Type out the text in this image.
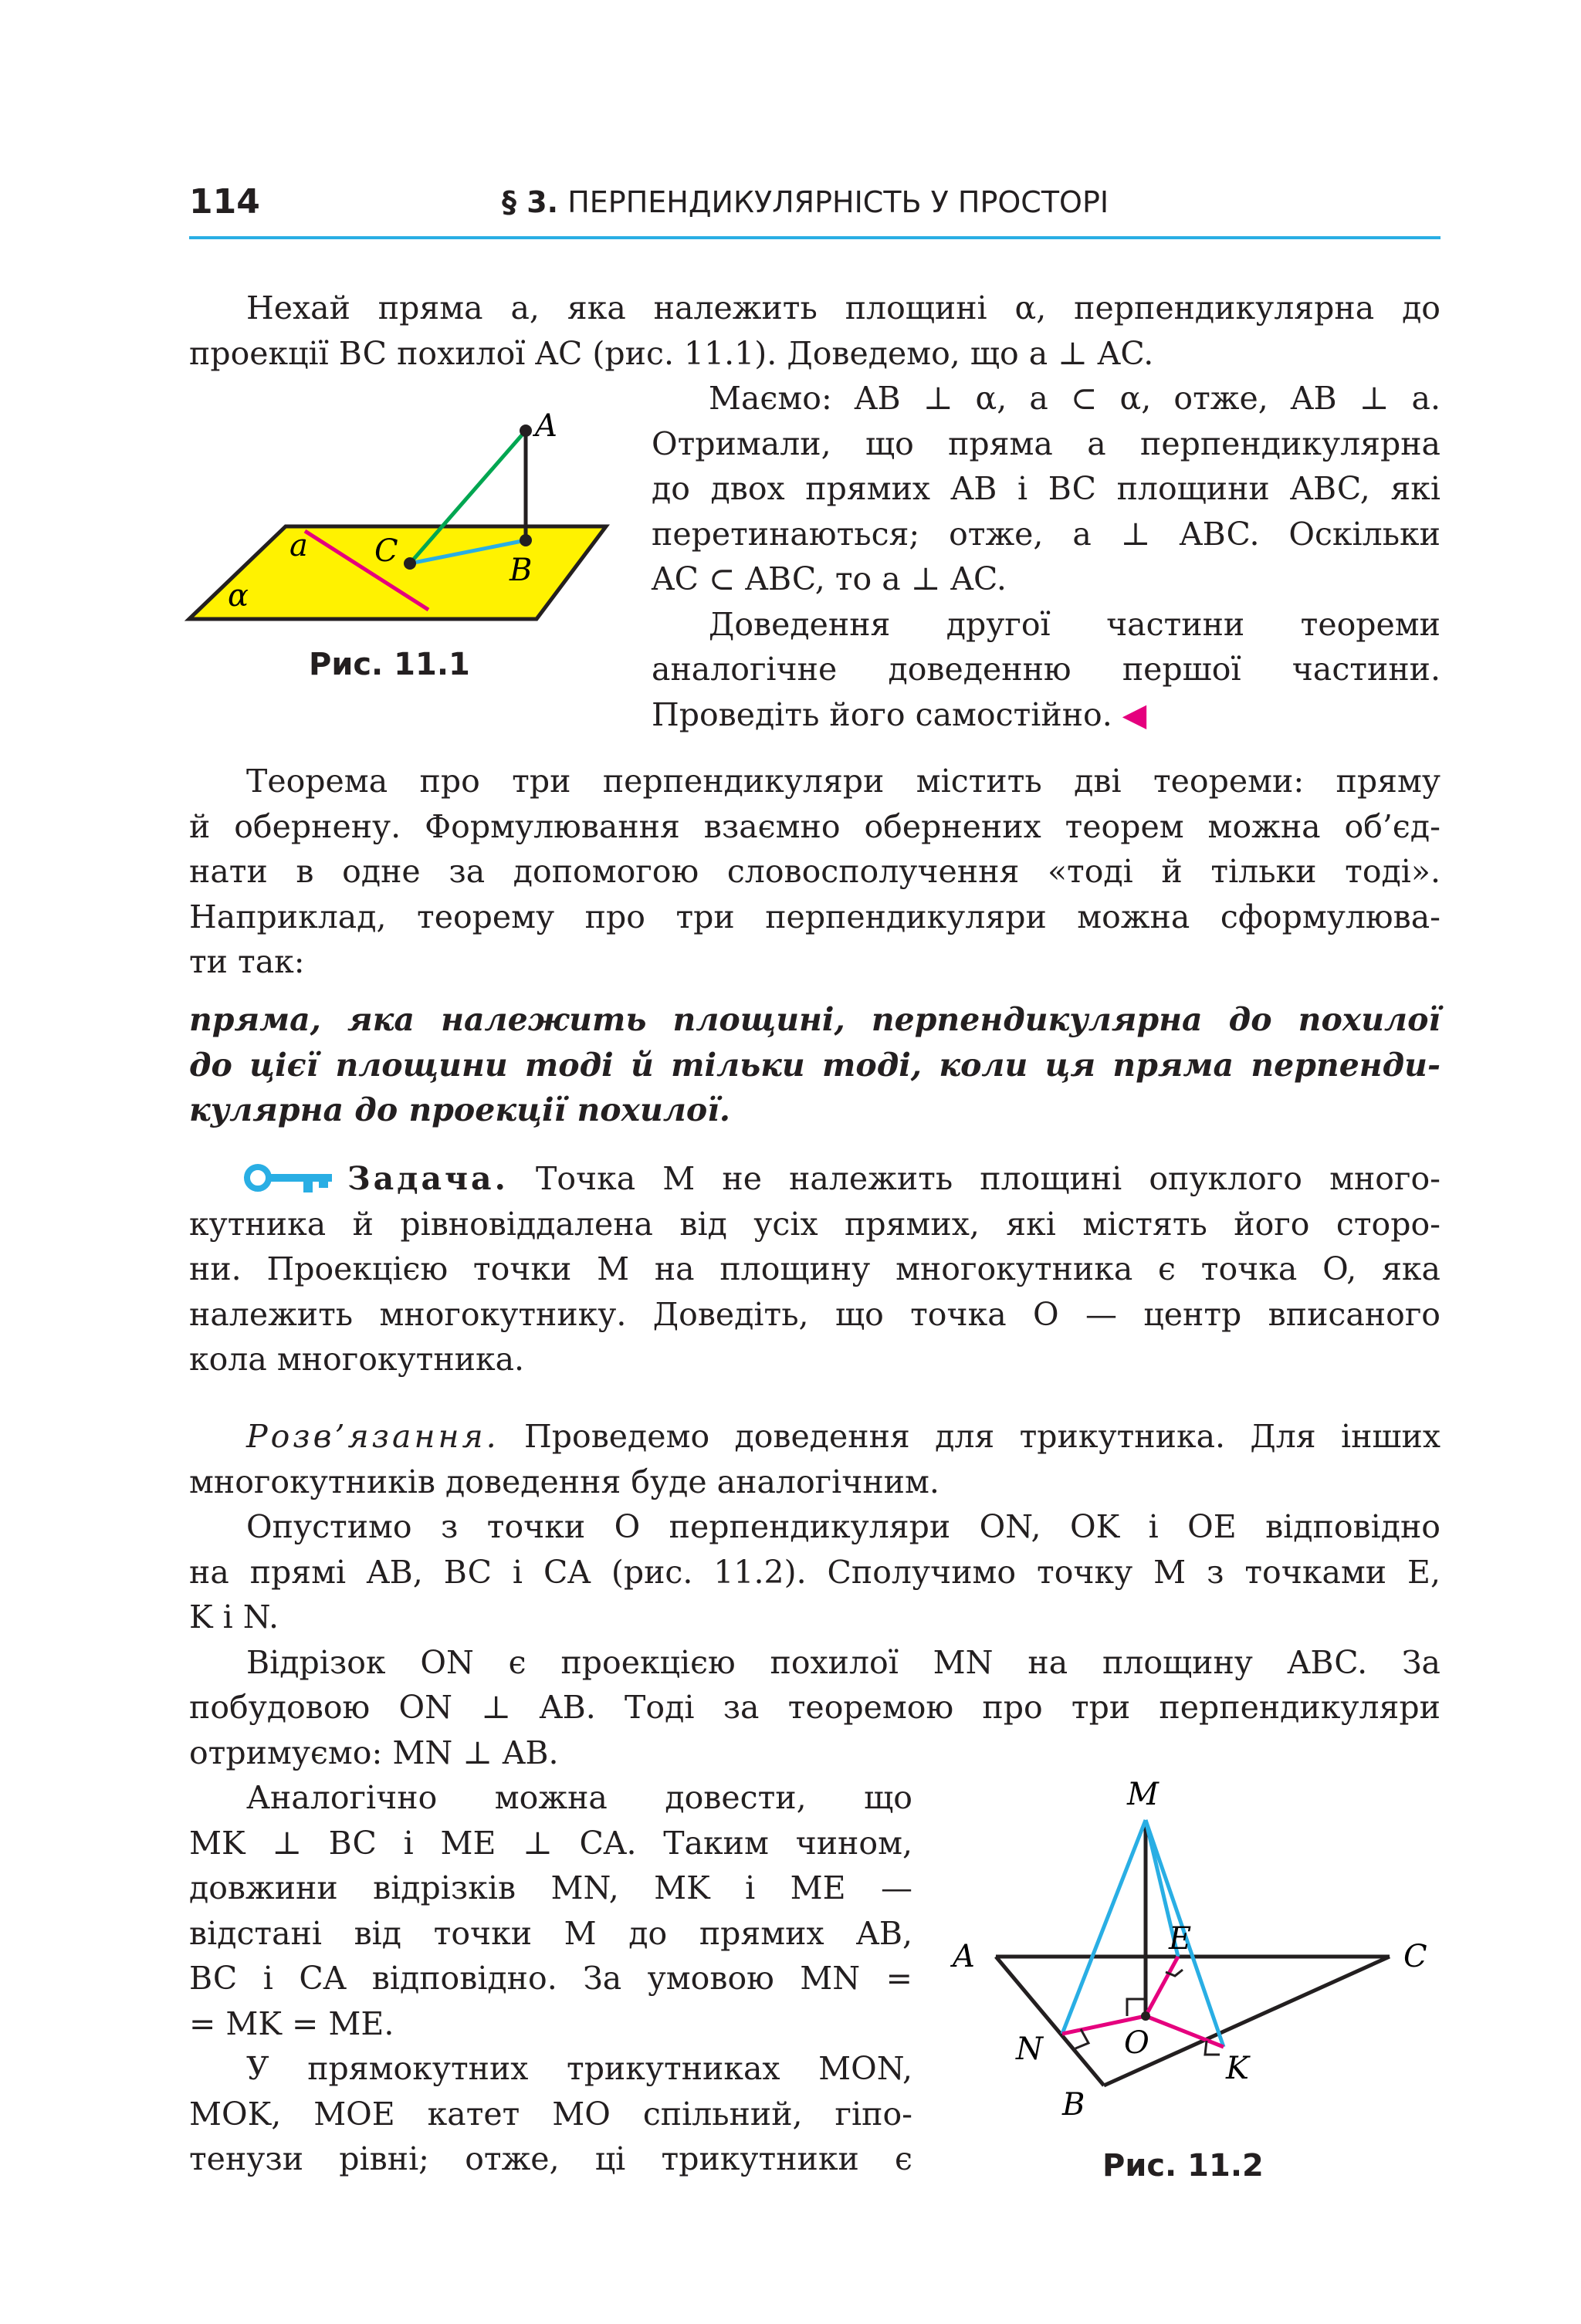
114	§ 3. ПЕРПЕНДИКУЛЯРНІСТЬ У ПРОСТОРІ
Нехай пряма a, яка належить площині α, перпендикулярна до
проекції BC похилої AC (рис. 11.1). Доведемо, що a ⊥ AC.
A
B
C
a
α
Рис. 11.1
Маємо: AB ⊥ α, a ⊂ α, отже, AB ⊥ a.
Отримали, що пряма a перпендикулярна
до двох прямих AB і BC площини ABC, які
перетинаються; отже, a ⊥ ABC. Оскільки
AC ⊂ ABC, то a ⊥ AC.
Доведення другої частини теореми
аналогічне доведенню першої частини.
Проведіть його самостійно. ◀
Теорема про три перпендикуляри містить дві теореми: пряму
й обернену. Формулювання взаємно обернених теорем можна об’єд-
нати в одне за допомогою словосполучення «тоді й тільки тоді».
Наприклад, теорему про три перпендикуляри можна сформулюва-
ти так:
пряма, яка належить площині, перпендикулярна до похилої
до цієї площини тоді й тільки тоді, коли ця пряма перпенди-
кулярна до проекції похилої.
Задача. Точка M не належить площині опуклого много-
кутника й рівновіддалена від усіх прямих, які містять його сторо-
ни. Проекцією точки M на площину многокутника є точка O, яка
належить многокутнику. Доведіть, що точка O — центр вписаного
кола многокутника.
Розв’язання. Проведемо доведення для трикутника. Для інших
многокутників доведення буде аналогічним.
Опустимо з точки O перпендикуляри ON, OK і OE відповідно
на прямі AB, BC і CA (рис. 11.2). Сполучимо точку M з точками E,
K і N.
Відрізок ON є проекцією похилої MN на площину ABC. За
побудовою ON ⊥ AB. Тоді за теоремою про три перпендикуляри
отримуємо: MN ⊥ AB.
Аналогічно можна довести, що
MK ⊥ BC і ME ⊥ CA. Таким чином,
довжини відрізків MN, MK і ME —
відстані від точки M до прямих AB,
BC і CA відповідно. За умовою MN =
= MK = ME.
У прямокутних трикутниках MON,
MOK, MOE катет MO спільний, гіпо-
тенузи рівні; отже, ці трикутники є
M
A	C
E
O
N
K
B
Рис. 11.2
